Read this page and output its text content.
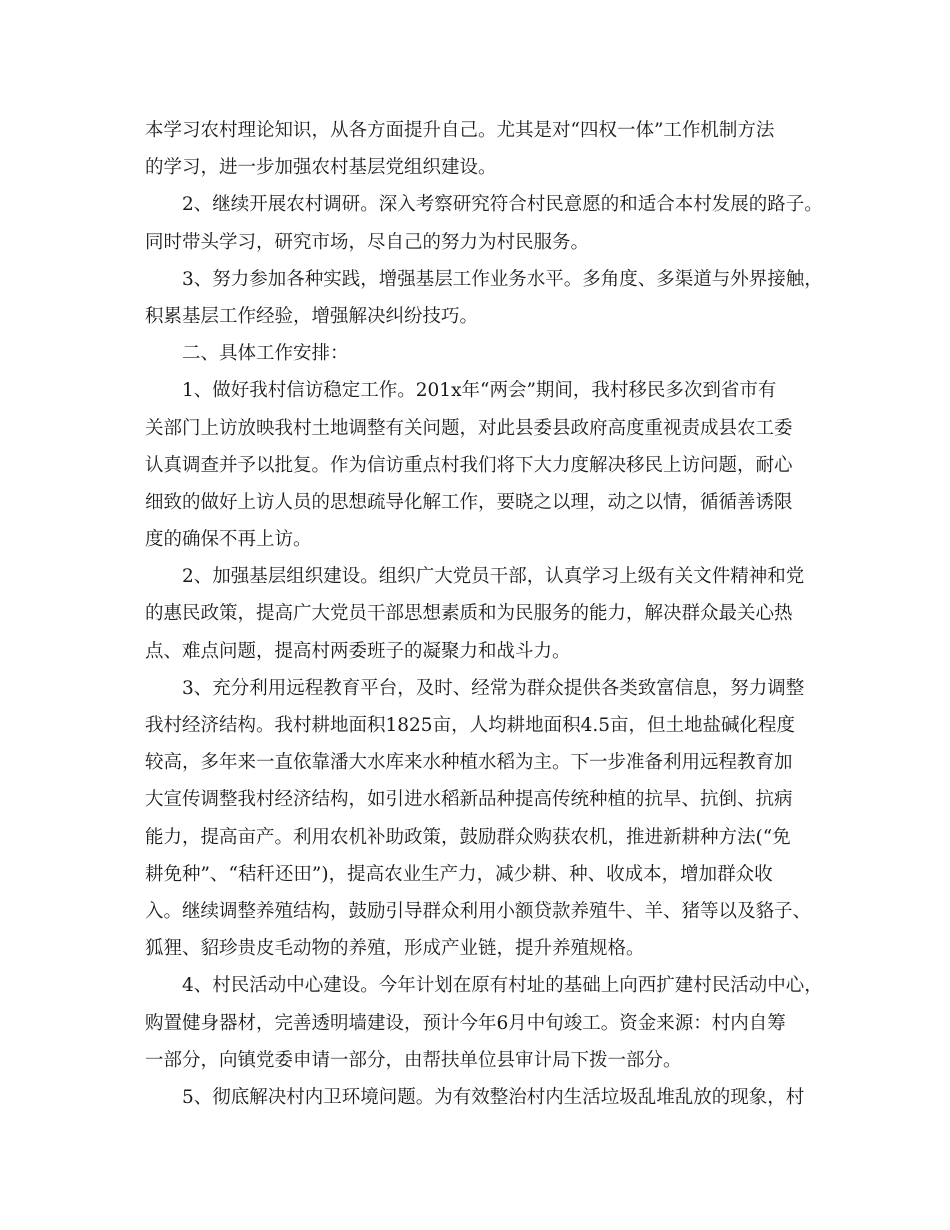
本学习农村理论知识，从各方面提升自己。尤其是对“四权一体”工作机制方法
的学习，进一步加强农村基层党组织建设。
2、继续开展农村调研。深入考察研究符合村民意愿的和适合本村发展的路子。
同时带头学习，研究市场，尽自己的努力为村民服务。
3、努力参加各种实践，增强基层工作业务水平。多角度、多渠道与外界接触，
积累基层工作经验，增强解决纠纷技巧。
二、具体工作安排：
1、做好我村信访稳定工作。201x年“两会”期间，我村移民多次到省市有
关部门上访放映我村土地调整有关问题，对此县委县政府高度重视责成县农工委
认真调查并予以批复。作为信访重点村我们将下大力度解决移民上访问题，耐心
细致的做好上访人员的思想疏导化解工作，要晓之以理，动之以情，循循善诱限
度的确保不再上访。
2、加强基层组织建设。组织广大党员干部，认真学习上级有关文件精神和党
的惠民政策，提高广大党员干部思想素质和为民服务的能力，解决群众最关心热
点、难点问题，提高村两委班子的凝聚力和战斗力。
3、充分利用远程教育平台，及时、经常为群众提供各类致富信息，努力调整
我村经济结构。我村耕地面积1825亩，人均耕地面积4.5亩，但土地盐碱化程度
较高，多年来一直依靠潘大水库来水种植水稻为主。下一步准备利用远程教育加
大宣传调整我村经济结构，如引进水稻新品种提高传统种植的抗旱、抗倒、抗病
能力，提高亩产。利用农机补助政策，鼓励群众购获农机，推进新耕种方法(“免
耕免种”、“秸秆还田”)，提高农业生产力，减少耕、种、收成本，增加群众收
入。继续调整养殖结构，鼓励引导群众利用小额贷款养殖牛、羊、猪等以及貉子、
狐狸、貂珍贵皮毛动物的养殖，形成产业链，提升养殖规格。
4、村民活动中心建设。今年计划在原有村址的基础上向西扩建村民活动中心，
购置健身器材，完善透明墙建设，预计今年6月中旬竣工。资金来源：村内自筹
一部分，向镇党委申请一部分，由帮扶单位县审计局下拨一部分。
5、彻底解决村内卫环境问题。为有效整治村内生活垃圾乱堆乱放的现象，村
